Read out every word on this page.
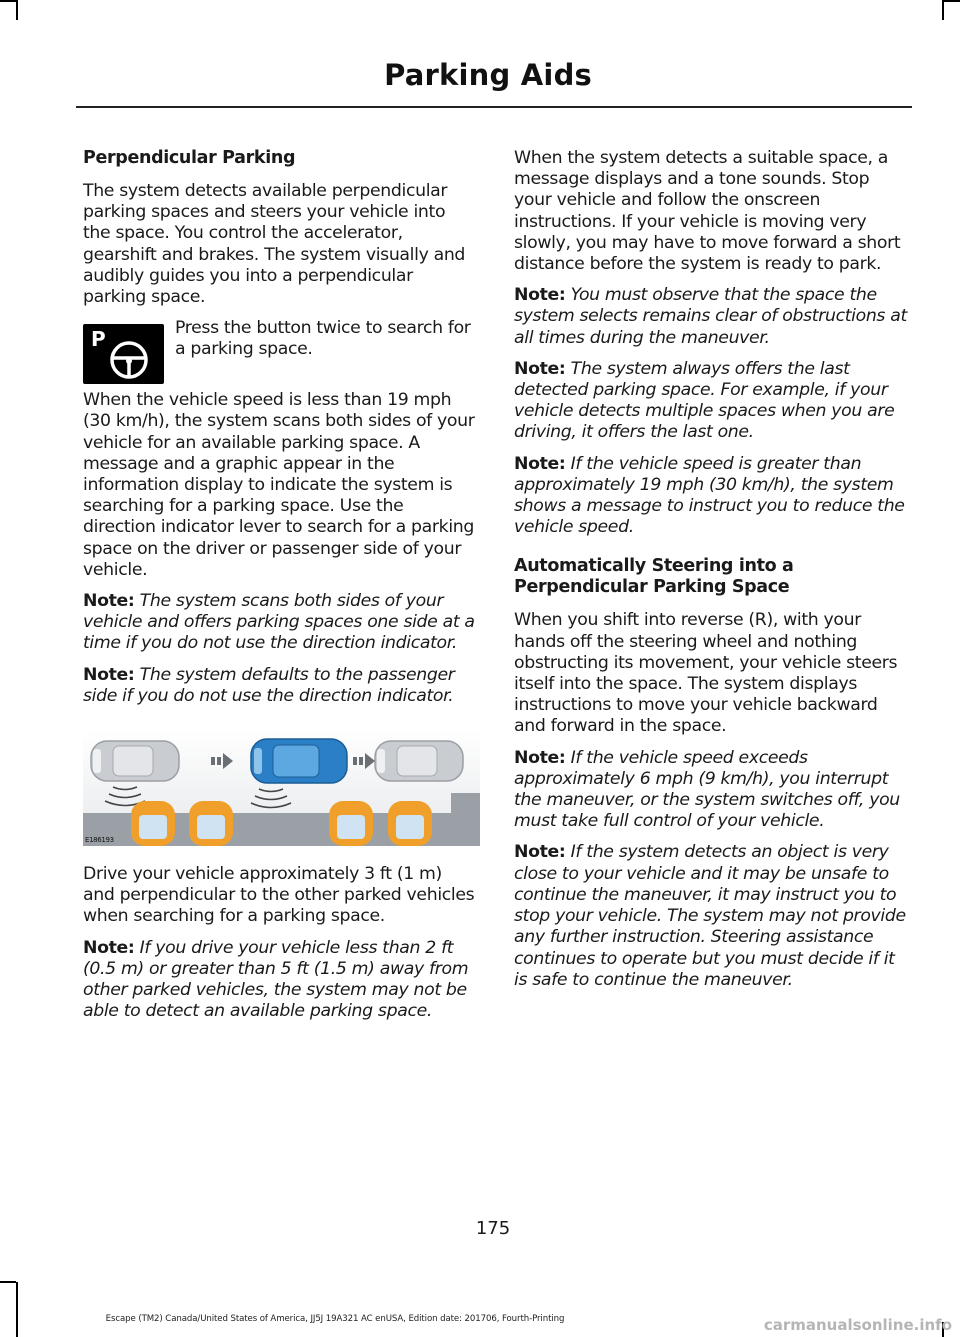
Parking Aids
Perpendicular Parking

The system detects available perpendicular parking spaces and steers your vehicle into the space. You control the accelerator, gearshift and brakes. The system visually and audibly guides you into a perpendicular parking space.

P	Press the button twice to search for a parking space.

When the vehicle speed is less than 19 mph (30 km/h), the system scans both sides of your vehicle for an available parking space. A message and a graphic appear in the information display to indicate the system is searching for a parking space. Use the direction indicator lever to search for a parking space on the driver or passenger side of your vehicle.

Note: The system scans both sides of your vehicle and offers parking spaces one side at a time if you do not use the direction indicator.

Note: The system defaults to the passenger side if you do not use the direction indicator.

E186193

Drive your vehicle approximately 3 ft (1 m) and perpendicular to the other parked vehicles when searching for a parking space.

Note: If you drive your vehicle less than 2 ft (0.5 m) or greater than 5 ft (1.5 m) away from other parked vehicles, the system may not be able to detect an available parking space.

When the system detects a suitable space, a message displays and a tone sounds. Stop your vehicle and follow the onscreen instructions. If your vehicle is moving very slowly, you may have to move forward a short distance before the system is ready to park.

Note: You must observe that the space the system selects remains clear of obstructions at all times during the maneuver.

Note: The system always offers the last detected parking space. For example, if your vehicle detects multiple spaces when you are driving, it offers the last one.

Note: If the vehicle speed is greater than approximately 19 mph (30 km/h), the system shows a message to instruct you to reduce the vehicle speed.

Automatically Steering into a Perpendicular Parking Space

When you shift into reverse (R), with your hands off the steering wheel and nothing obstructing its movement, your vehicle steers itself into the space. The system displays instructions to move your vehicle backward and forward in the space.

Note: If the vehicle speed exceeds approximately 6 mph (9 km/h), you interrupt the maneuver, or the system switches off, you must take full control of your vehicle.

Note: If the system detects an object is very close to your vehicle and it may be unsafe to continue the maneuver, it may instruct you to stop your vehicle. The system may not provide any further instruction. Steering assistance continues to operate but you must decide if it is safe to continue the maneuver.

175
Escape (TM2) Canada/United States of America, JJ5J 19A321 AC enUSA, Edition date: 201706, Fourth-Printing	carmanualsonline.info
